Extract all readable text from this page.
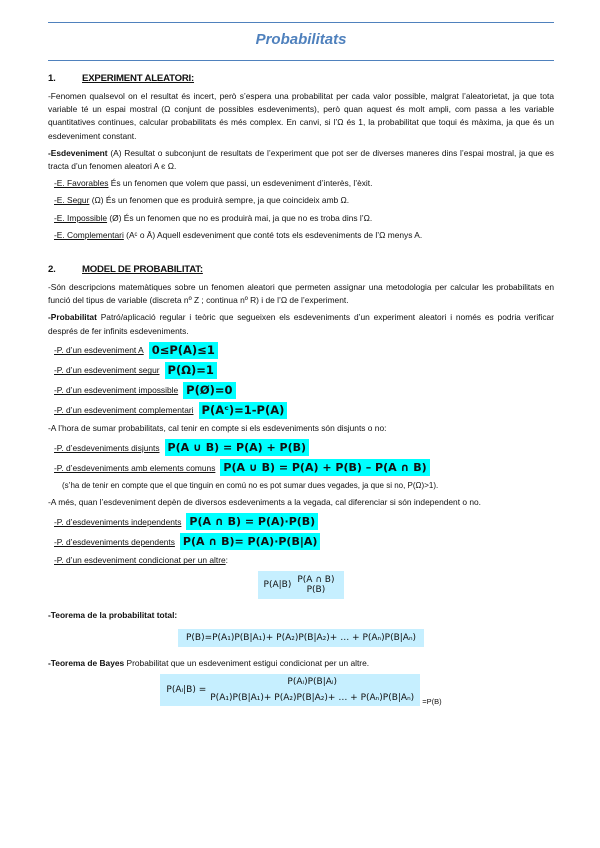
Probabilitats
1.	EXPERIMENT ALEATORI:

-Fenomen qualsevol on el resultat és incert, però s’espera una probabilitat per cada valor possible, malgrat l’aleatorietat, ja que tota variable té un espai mostral (Ω conjunt de possibles esdeveniments), però quan aquest és molt ampli, com passa a les variable quantitatives continues, calcular probabilitats és més complex. En canvi, si l’Ω és 1, la probabilitat que toqui és màxima, ja que és un esdeveniment constant.

-Esdeveniment (A) Resultat o subconjunt de resultats de l’experiment que pot ser de diverses maneres dins l’espai mostral, ja que es tracta d’un fenomen aleatori A є Ω.

-E. Favorables És un fenomen que volem que passi, un esdeveniment d’interès, l’èxit.

-E. Segur (Ω) És un fenomen que es produirà sempre, ja que coincideix amb Ω.

-E. Impossible (Ø) És un fenomen que no es produirà mai, ja que no es troba dins l’Ω.

-E. Complementari (Aᶜ o Ā) Aquell esdeveniment que conté tots els esdeveniments de l’Ω menys A.

2.	MODEL DE PROBABILITAT:

-Són descripcions matemàtiques sobre un fenomen aleatori que permeten assignar una metodologia per calcular les probabilitats en funció del tipus de variable (discreta nº Z ; continua nº R) i de l’Ω de l’experiment.

-Probabilitat Patró/aplicació regular i teòric que segueixen els esdeveniments d’un experiment aleatori i només es podria verificar després de fer infinits esdeveniments.

-P. d’un esdeveniment A 0≤P(A)≤1
-P. d’un esdeveniment segur P(Ω)=1
-P. d’un esdeveniment impossible P(Ø)=0
-P. d’un esdeveniment complementari P(Aᶜ)=1-P(A)

-A l’hora de sumar probabilitats, cal tenir en compte si els esdeveniments són disjunts o no:

-P. d’esdeveniments disjunts P(A ∪ B) = P(A) + P(B)
-P. d’esdeveniments amb elements comuns P(A ∪ B) = P(A) + P(B) – P(A ∩ B)

(s’ha de tenir en compte que el que tinguin en comú no es pot sumar dues vegades, ja que si no, P(Ω)>1).

-A més, quan l’esdeveniment depèn de diversos esdeveniments a la vegada, cal diferenciar si són independent o no.

-P. d’esdeveniments independents P(A ∩ B) = P(A)·P(B)
-P. d’esdeveniments dependents P(A ∩ B)= P(A)·P(B|A)
-P. d’un esdeveniment condicionat per un altre :
P(A|B) P(A ∩ B)
P(B)

-Teorema de la probabilitat total:

P(B)=P(A₁)P(B|A₁)+ P(A₂)P(B|A₂)+ … + P(Aₙ)P(B|Aₙ)

-Teorema de Bayes Probabilitat que un esdeveniment estigui condicionat per un altre.

P(Aᵢ|B) =
P(Aᵢ)P(B|Aᵢ)
P(A₁)P(B|A₁)+ P(A₂)P(B|A₂)+ … + P(Aₙ)P(B|Aₙ) =P(B)
